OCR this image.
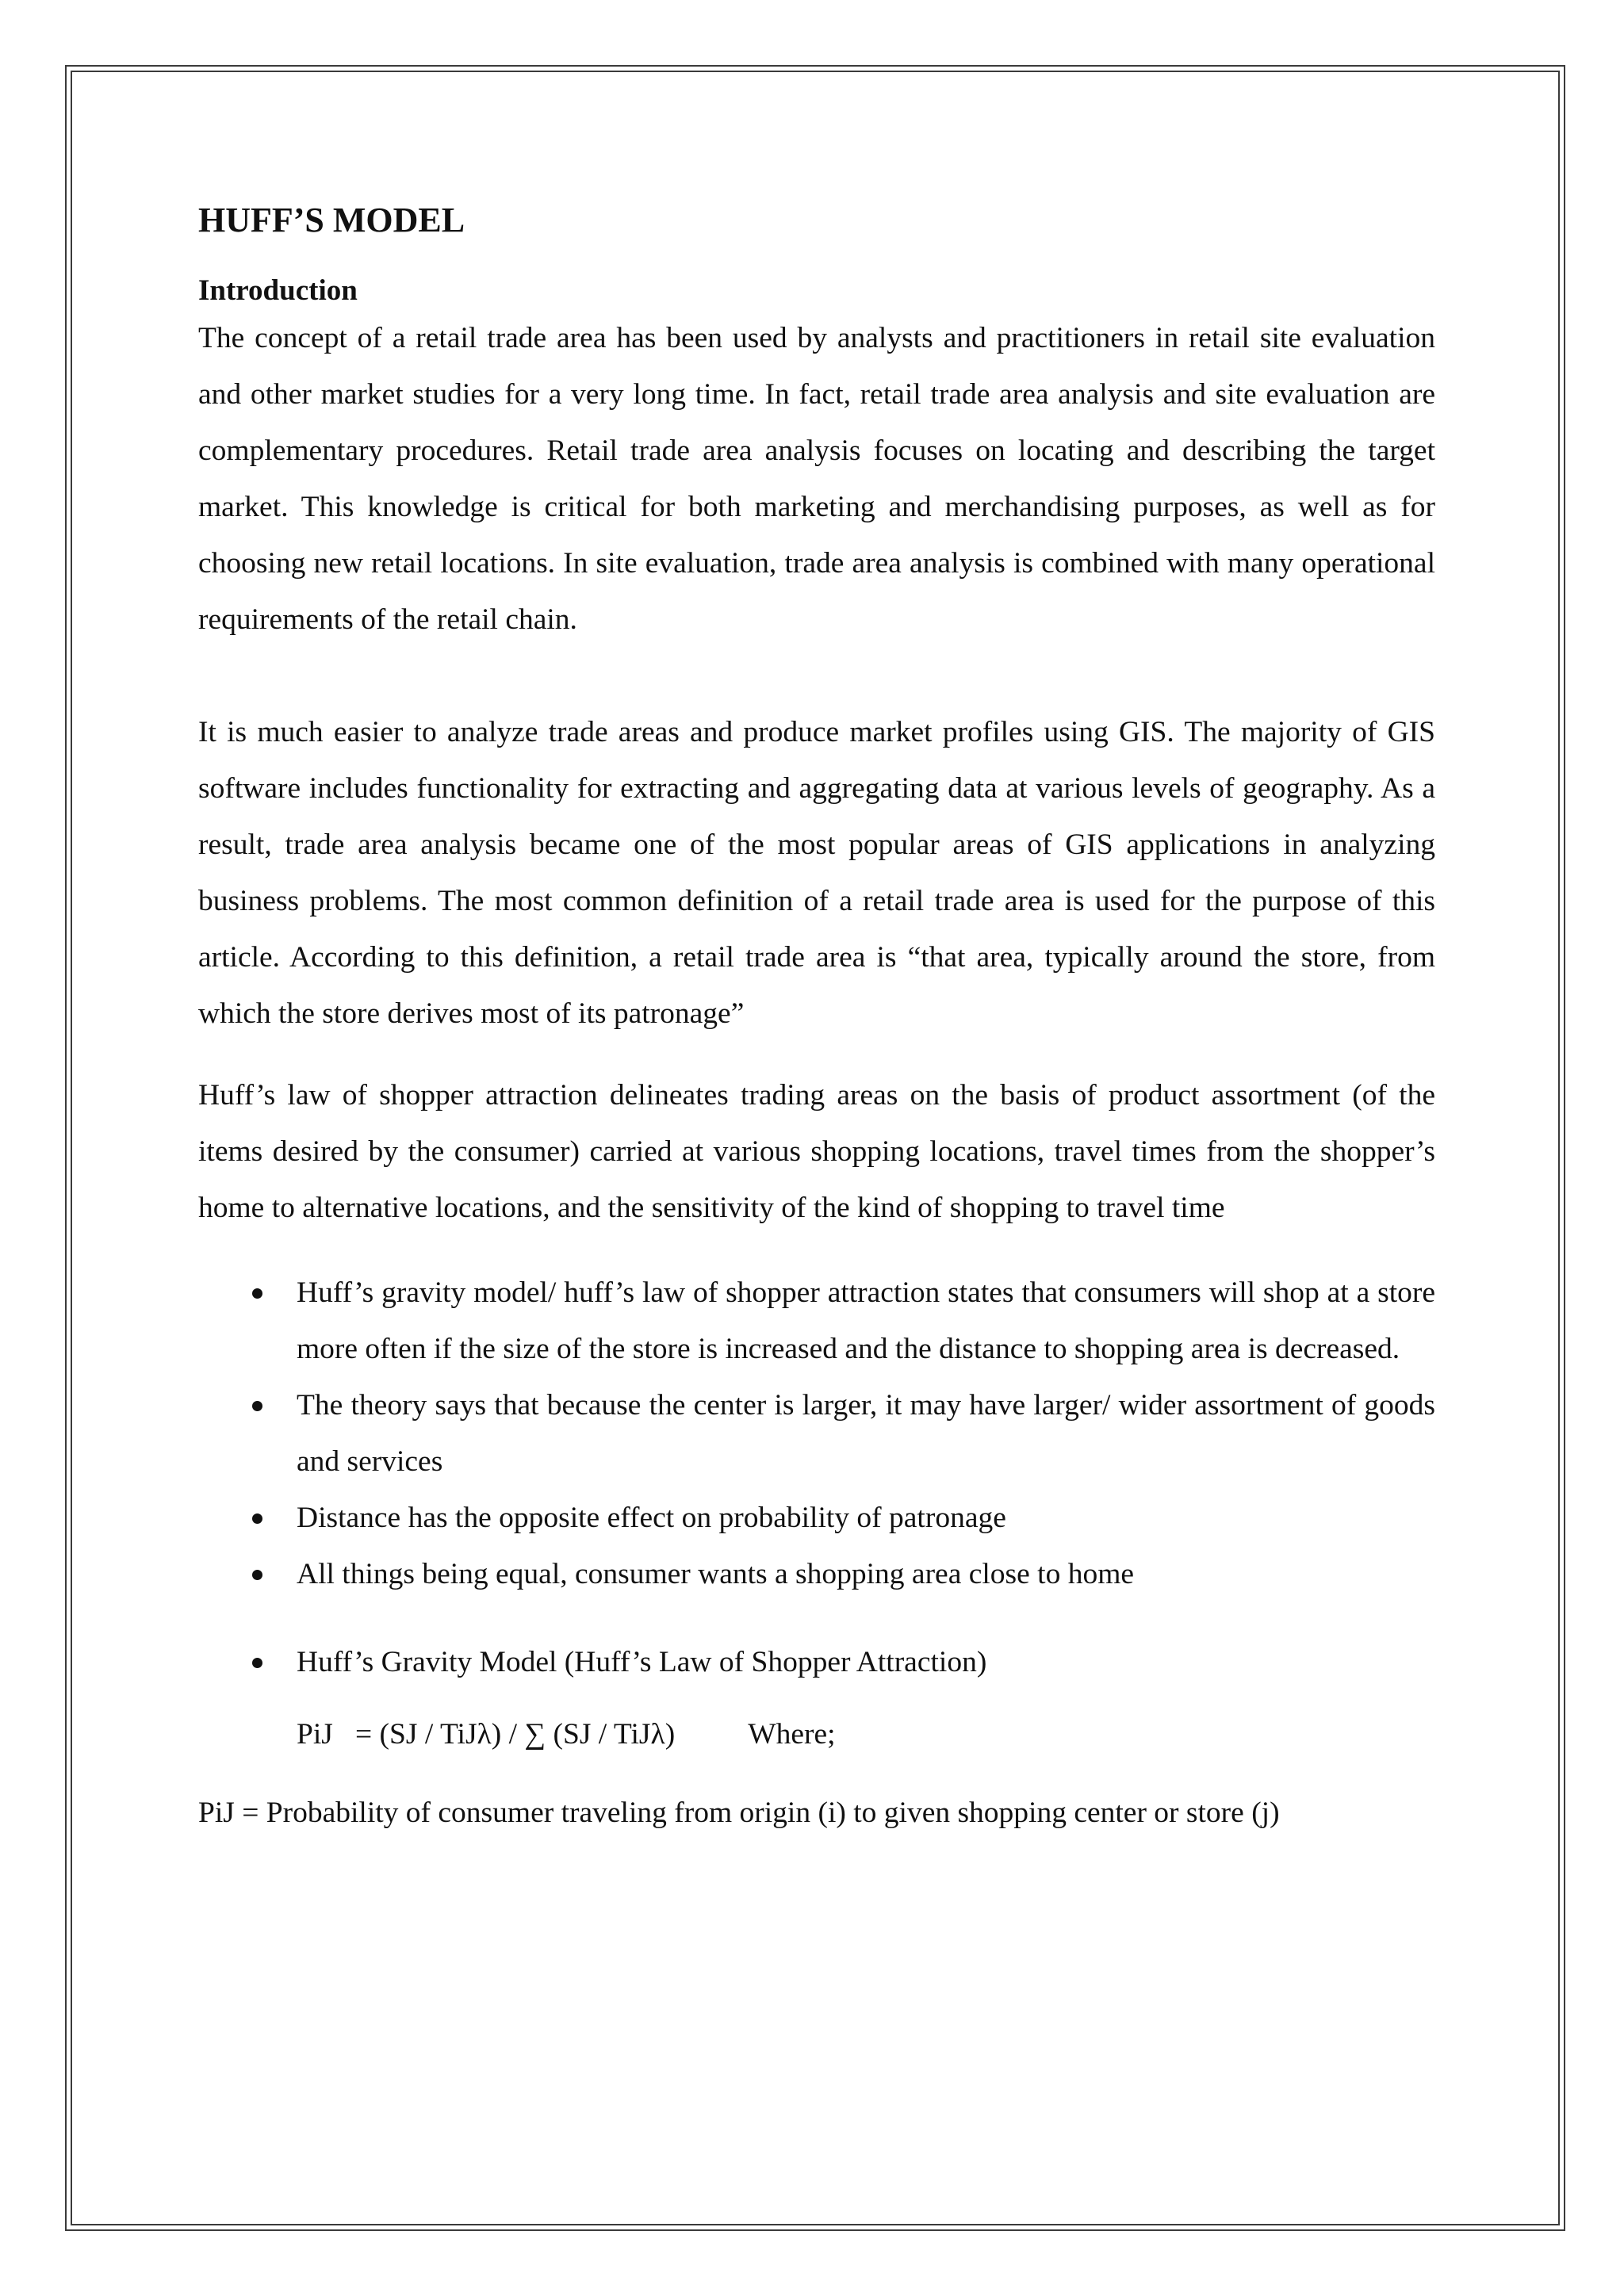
HUFF’S MODEL
Introduction

The concept of a retail trade area has been used by analysts and practitioners in retail site evaluation and other market studies for a very long time. In fact, retail trade area analysis and site evaluation are complementary procedures. Retail trade area analysis focuses on locating and describing the target market. This knowledge is critical for both marketing and merchandising purposes, as well as for choosing new retail locations. In site evaluation, trade area analysis is combined with many operational requirements of the retail chain.

It is much easier to analyze trade areas and produce market profiles using GIS. The majority of GIS software includes functionality for extracting and aggregating data at various levels of geography. As a result, trade area analysis became one of the most popular areas of GIS applications in analyzing business problems. The most common definition of a retail trade area is used for the purpose of this article. According to this definition, a retail trade area is “that area, typically around the store, from which the store derives most of its patronage”

Huff’s law of shopper attraction delineates trading areas on the basis of product assortment (of the items desired by the consumer) carried at various shopping locations, travel times from the shopper’s home to alternative locations, and the sensitivity of the kind of shopping to travel time

Huff’s gravity model/ huff’s law of shopper attraction states that consumers will shop at a store more often if the size of the store is increased and the distance to shopping area is decreased.
The theory says that because the center is larger, it may have larger/ wider assortment of goods and services
Distance has the opposite effect on probability of patronage
All things being equal, consumer wants a shopping area close to home
Huff’s Gravity Model (Huff’s Law of Shopper Attraction)
PiJ   = (SJ / TiJλ) / ∑ (SJ / TiJλ) Where;
PiJ = Probability of consumer traveling from origin (i) to given shopping center or store (j)
